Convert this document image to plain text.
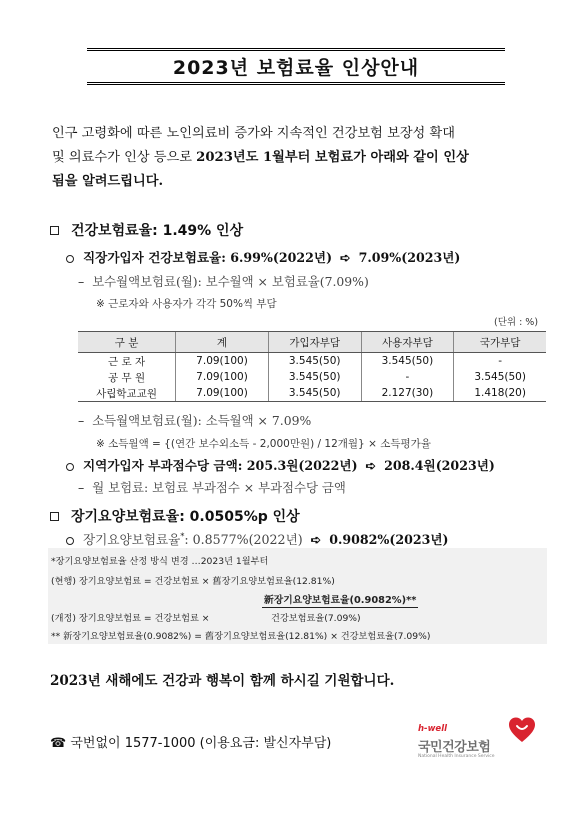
2023년 보험료율 인상안내
인구 고령화에 따른 노인의료비 증가와 지속적인 건강보험 보장성 확대
및 의료수가 인상 등으로 2023년도 1월부터 보험료가 아래와 같이 인상
됨을 알려드립니다.
건강보험료율: 1.49% 인상
직장가입자 건강보험료율: 6.99%(2022년) ➪ 7.09%(2023년)
– 보수월액보험료(월): 보수월액 × 보험료율(7.09%)
※ 근로자와 사용자가 각각 50%씩 부담
(단위 : %)
구 분	계	가입자부담	사용자부담	국가부담
근 로 자	7.09(100)	3.545(50)	3.545(50)	-
공 무 원	7.09(100)	3.545(50)	-	3.545(50)
사립학교교원	7.09(100)	3.545(50)	2.127(30)	1.418(20)
– 소득월액보험료(월): 소득월액 × 7.09%
※ 소득월액 = {(연간 보수외소득 - 2,000만원) / 12개월} × 소득평가율
지역가입자 부과점수당 금액: 205.3원(2022년) ➪ 208.4원(2023년)
– 월 보험료: 보험료 부과점수 × 부과점수당 금액
장기요양보험료율: 0.0505%p 인상
장기요양보험료율*: 0.8577%(2022년) ➪ 0.9082%(2023년)
*장기요양보험료율 산정 방식 변경 …2023년 1월부터
(현행) 장기요양보험료 = 건강보험료 × 舊장기요양보험료율(12.81%)
新장기요양보험료율(0.9082%)**
(개정) 장기요양보험료 = 건강보험료 ×	건강보험료율(7.09%)
** 新장기요양보험료율(0.9082%) = 舊장기요양보험료율(12.81%) × 건강보험료율(7.09%)
2023년 새해에도 건강과 행복이 함께 하시길 기원합니다.
☎ 국번없이 1577-1000 (이용요금: 발신자부담)
h-well
국민건강보험
National Health Insurance Service
